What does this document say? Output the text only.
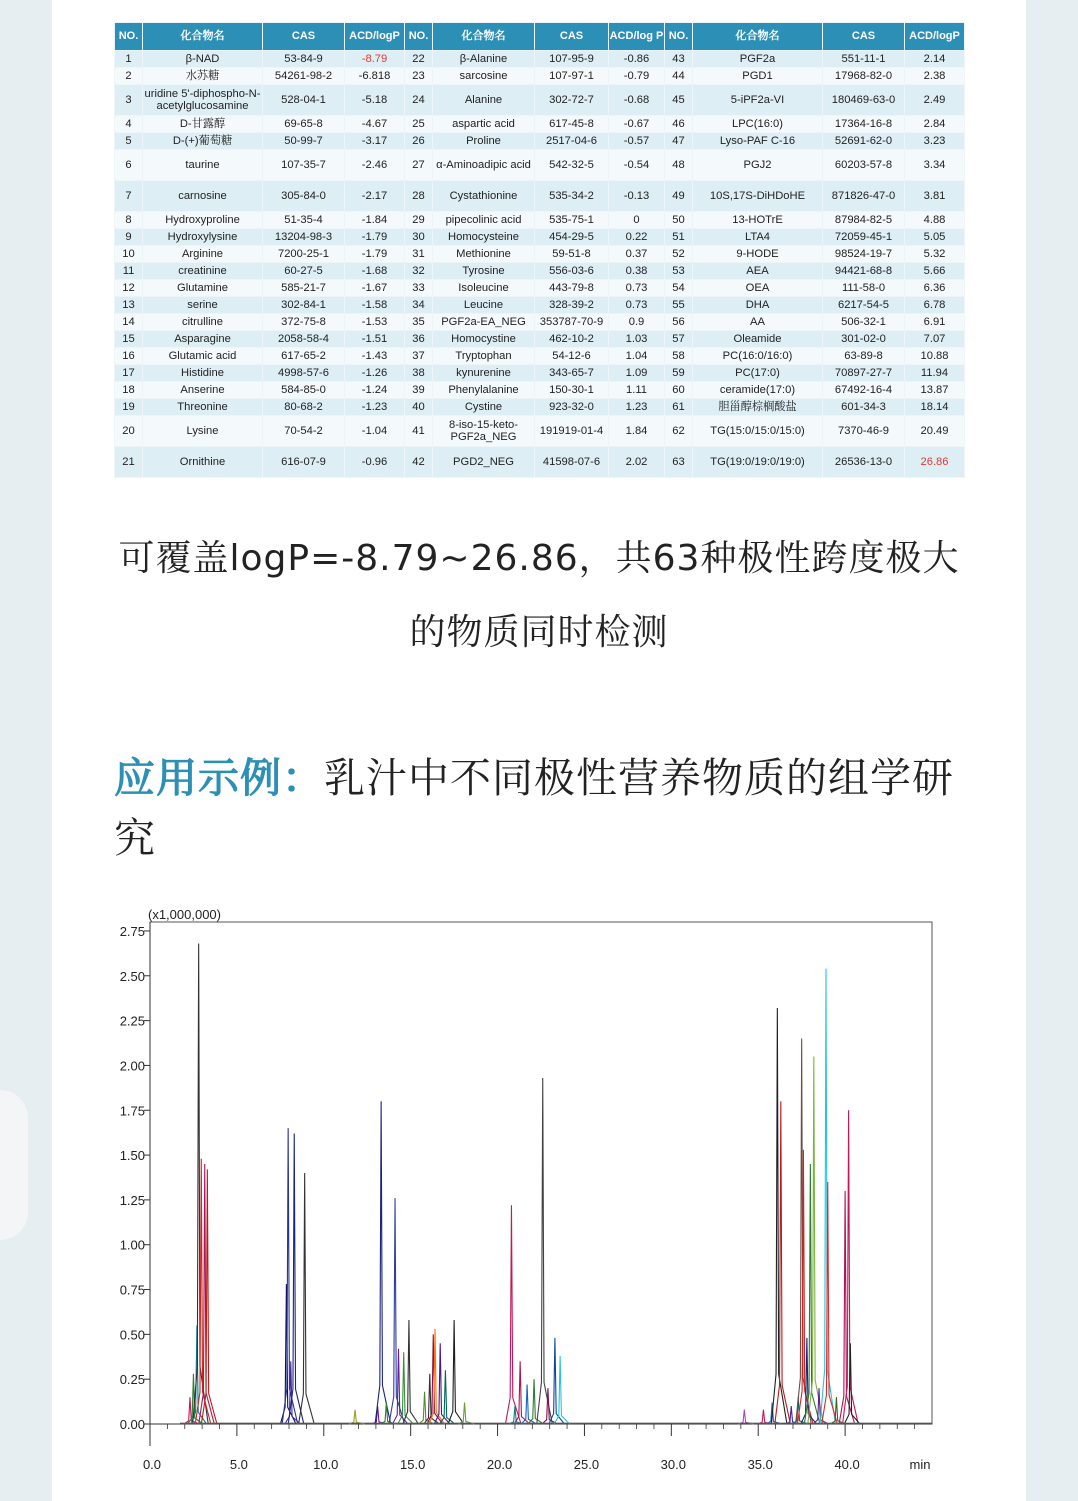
NO.	化合物名	CAS	ACD/logP	NO.	化合物名	CAS	ACD/log P	NO.	化合物名	CAS	ACD/logP
1	β-NAD	53-84-9	-8.79	22	β-Alanine	107-95-9	-0.86	43	PGF2a	551-11-1	2.14
2	水苏糖	54261-98-2	-6.818	23	sarcosine	107-97-1	-0.79	44	PGD1	17968-82-0	2.38
3	uridine 5'-diphospho-N-acetylglucosamine	528-04-1	-5.18	24	Alanine	302-72-7	-0.68	45	5-iPF2a-VI	180469-63-0	2.49
4	D-甘露醇	69-65-8	-4.67	25	aspartic acid	617-45-8	-0.67	46	LPC(16:0)	17364-16-8	2.84
5	D-(+)葡萄糖	50-99-7	-3.17	26	Proline	2517-04-6	-0.57	47	Lyso-PAF C-16	52691-62-0	3.23
6	taurine	107-35-7	-2.46	27	α-Aminoadipic acid	542-32-5	-0.54	48	PGJ2	60203-57-8	3.34
7	carnosine	305-84-0	-2.17	28	Cystathionine	535-34-2	-0.13	49	10S,17S-DiHDoHE	871826-47-0	3.81
8	Hydroxyproline	51-35-4	-1.84	29	pipecolinic acid	535-75-1	0	50	13-HOTrE	87984-82-5	4.88
9	Hydroxylysine	13204-98-3	-1.79	30	Homocysteine	454-29-5	0.22	51	LTA4	72059-45-1	5.05
10	Arginine	7200-25-1	-1.79	31	Methionine	59-51-8	0.37	52	9-HODE	98524-19-7	5.32
11	creatinine	60-27-5	-1.68	32	Tyrosine	556-03-6	0.38	53	AEA	94421-68-8	5.66
12	Glutamine	585-21-7	-1.67	33	Isoleucine	443-79-8	0.73	54	OEA	111-58-0	6.36
13	serine	302-84-1	-1.58	34	Leucine	328-39-2	0.73	55	DHA	6217-54-5	6.78
14	citrulline	372-75-8	-1.53	35	PGF2a-EA_NEG	353787-70-9	0.9	56	AA	506-32-1	6.91
15	Asparagine	2058-58-4	-1.51	36	Homocystine	462-10-2	1.03	57	Oleamide	301-02-0	7.07
16	Glutamic acid	617-65-2	-1.43	37	Tryptophan	54-12-6	1.04	58	PC(16:0/16:0)	63-89-8	10.88
17	Histidine	4998-57-6	-1.26	38	kynurenine	343-65-7	1.09	59	PC(17:0)	70897-27-7	11.94
18	Anserine	584-85-0	-1.24	39	Phenylalanine	150-30-1	1.11	60	ceramide(17:0)	67492-16-4	13.87
19	Threonine	80-68-2	-1.23	40	Cystine	923-32-0	1.23	61	胆甾醇棕榈酸盐	601-34-3	18.14
20	Lysine	70-54-2	-1.04	41	8-iso-15-keto-PGF2a_NEG	191919-01-4	1.84	62	TG(15:0/15:0/15:0)	7370-46-9	20.49
21	Ornithine	616-07-9	-0.96	42	PGD2_NEG	41598-07-6	2.02	63	TG(19:0/19:0/19:0)	26536-13-0	26.86
可覆盖logP=-8.79~26.86，共63种极性跨度极大
的物质同时检测
应用示例：乳汁中不同极性营养物质的组学研究
0.00
0.25
0.50
0.75
1.00
1.25
1.50
1.75
2.00
2.25
2.50
2.75
0.0	5.0	10.0	15.0	20.0	25.0	30.0	35.0	40.0
(x1,000,000)
min
